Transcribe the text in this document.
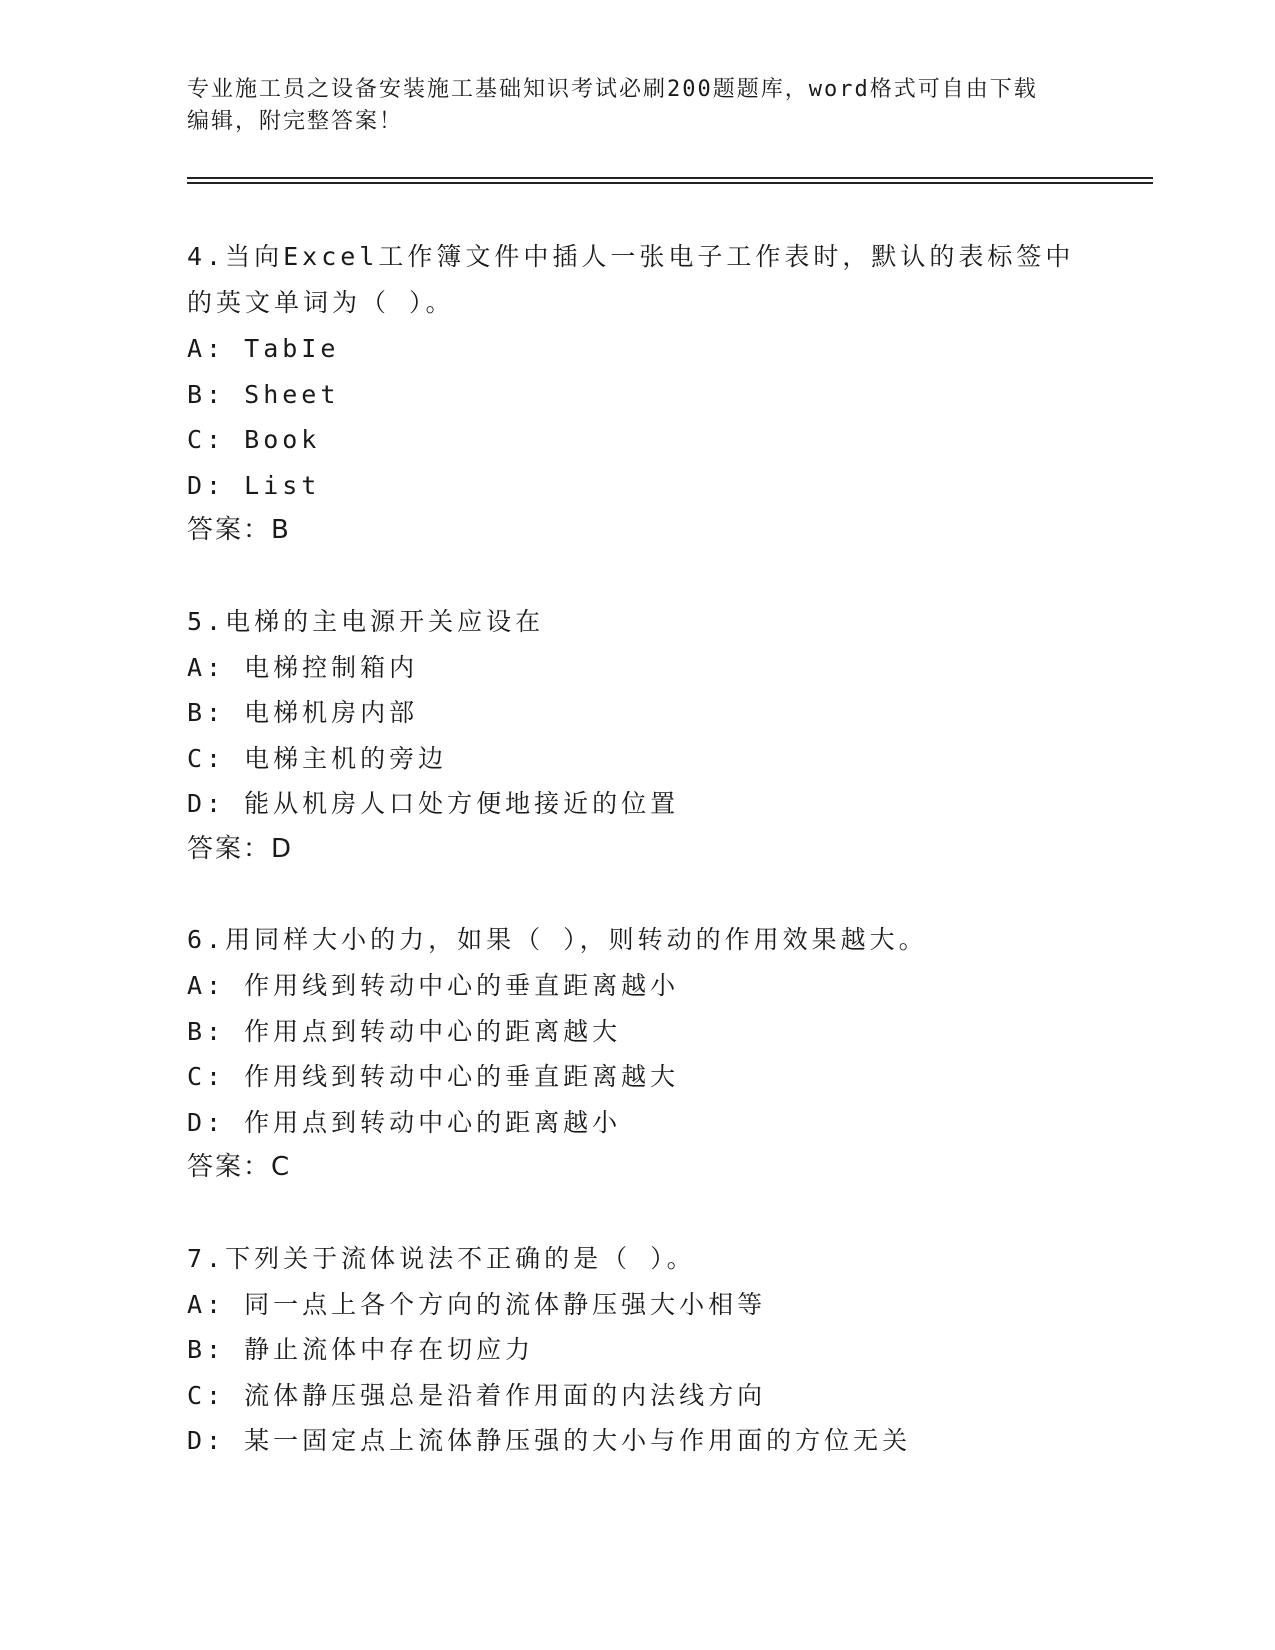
专业施工员之设备安装施工基础知识考试必刷200题题库，word格式可自由下载
编辑，附完整答案！
4.当向Excel工作簿文件中插人一张电子工作表时，默认的表标签中
的英文单词为（ ）。
A: TabIe
B: Sheet
C: Book
D: List
答案：B
5.电梯的主电源开关应设在
A: 电梯控制箱内
B: 电梯机房内部
C: 电梯主机的旁边
D: 能从机房人口处方便地接近的位置
答案：D
6.用同样大小的力，如果（ ），则转动的作用效果越大。
A: 作用线到转动中心的垂直距离越小
B: 作用点到转动中心的距离越大
C: 作用线到转动中心的垂直距离越大
D: 作用点到转动中心的距离越小
答案：C
7.下列关于流体说法不正确的是（ ）。
A: 同一点上各个方向的流体静压强大小相等
B: 静止流体中存在切应力
C: 流体静压强总是沿着作用面的内法线方向
D: 某一固定点上流体静压强的大小与作用面的方位无关
